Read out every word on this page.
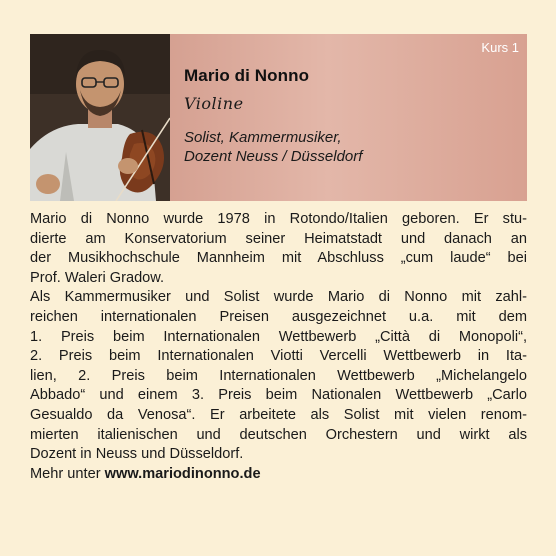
Kurs 1
Mario di Nonno
Violine
Solist, Kammermusiker,
Dozent Neuss / Düsseldorf
Mario di Nonno wurde 1978 in Rotondo/Italien geboren. Er stu-
dierte am Konservatorium seiner Heimatstadt und danach an
der Musikhochschule Mannheim mit Abschluss „cum laude“ bei
Prof. Waleri Gradow.
Als Kammermusiker und Solist wurde Mario di Nonno mit zahl-
reichen internationalen Preisen ausgezeichnet u.a. mit dem
1. Preis beim Internationalen Wettbewerb „Città di Monopoli“,
2. Preis beim Internationalen Viotti Vercelli Wettbewerb in Ita-
lien, 2. Preis beim Internationalen Wettbewerb „Michelangelo
Abbado“ und einem 3. Preis beim Nationalen Wettbewerb „Carlo
Gesualdo da Venosa“. Er arbeitete als Solist mit vielen renom-
mierten italienischen und deutschen Orchestern und wirkt als
Dozent in Neuss und Düsseldorf.
Mehr unter www.mariodinonno.de
